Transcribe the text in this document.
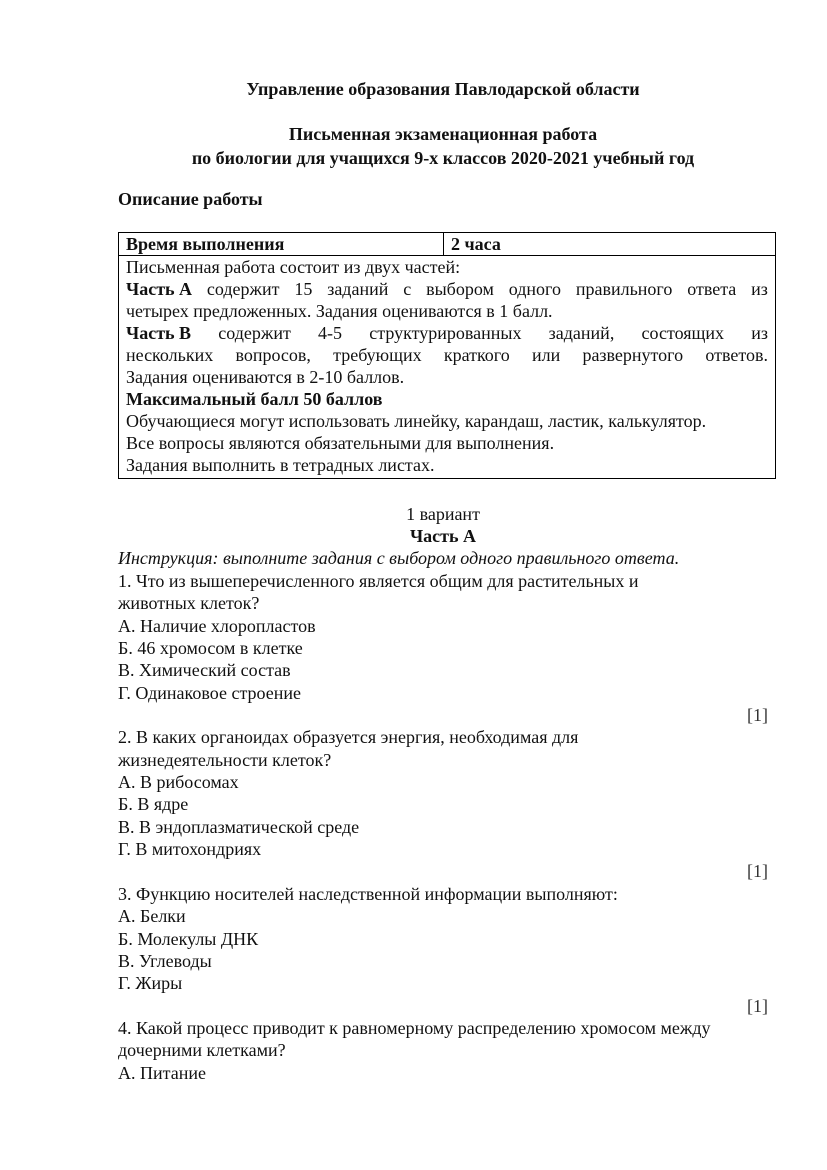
Управление образования Павлодарской области
Письменная экзаменационная работа
по биологии для учащихся 9-х классов 2020-2021 учебный год
Описание работы
Время выполнения	2 часа
Письменная работа состоит из двух частей:
Часть А содержит 15 заданий с выбором одного правильного ответа из
четырех предложенных. Задания оцениваются в 1 балл.
Часть В содержит 4-5 структурированных заданий, состоящих из
нескольких вопросов, требующих краткого или развернутого ответов.
Задания оцениваются в 2-10 баллов.
Максимальный балл 50 баллов
Обучающиеся могут использовать линейку, карандаш, ластик, калькулятор.
Все вопросы являются обязательными для выполнения.
Задания выполнить в тетрадных листах.
1 вариант
Часть А
Инструкция: выполните задания с выбором одного правильного ответа.
1. Что из вышеперечисленного является общим для растительных и
животных клеток?
А. Наличие хлоропластов
Б. 46 хромосом в клетке
В. Химический состав
Г. Одинаковое строение
[1]
2. В каких органоидах образуется энергия, необходимая для
жизнедеятельности клеток?
А. В рибосомах
Б. В ядре
В. В эндоплазматической среде
Г. В митохондриях
[1]
3. Функцию носителей наследственной информации выполняют:
А. Белки
Б. Молекулы ДНК
В. Углеводы
Г. Жиры
[1]
4. Какой процесс приводит к равномерному распределению хромосом между
дочерними клетками?
А. Питание
